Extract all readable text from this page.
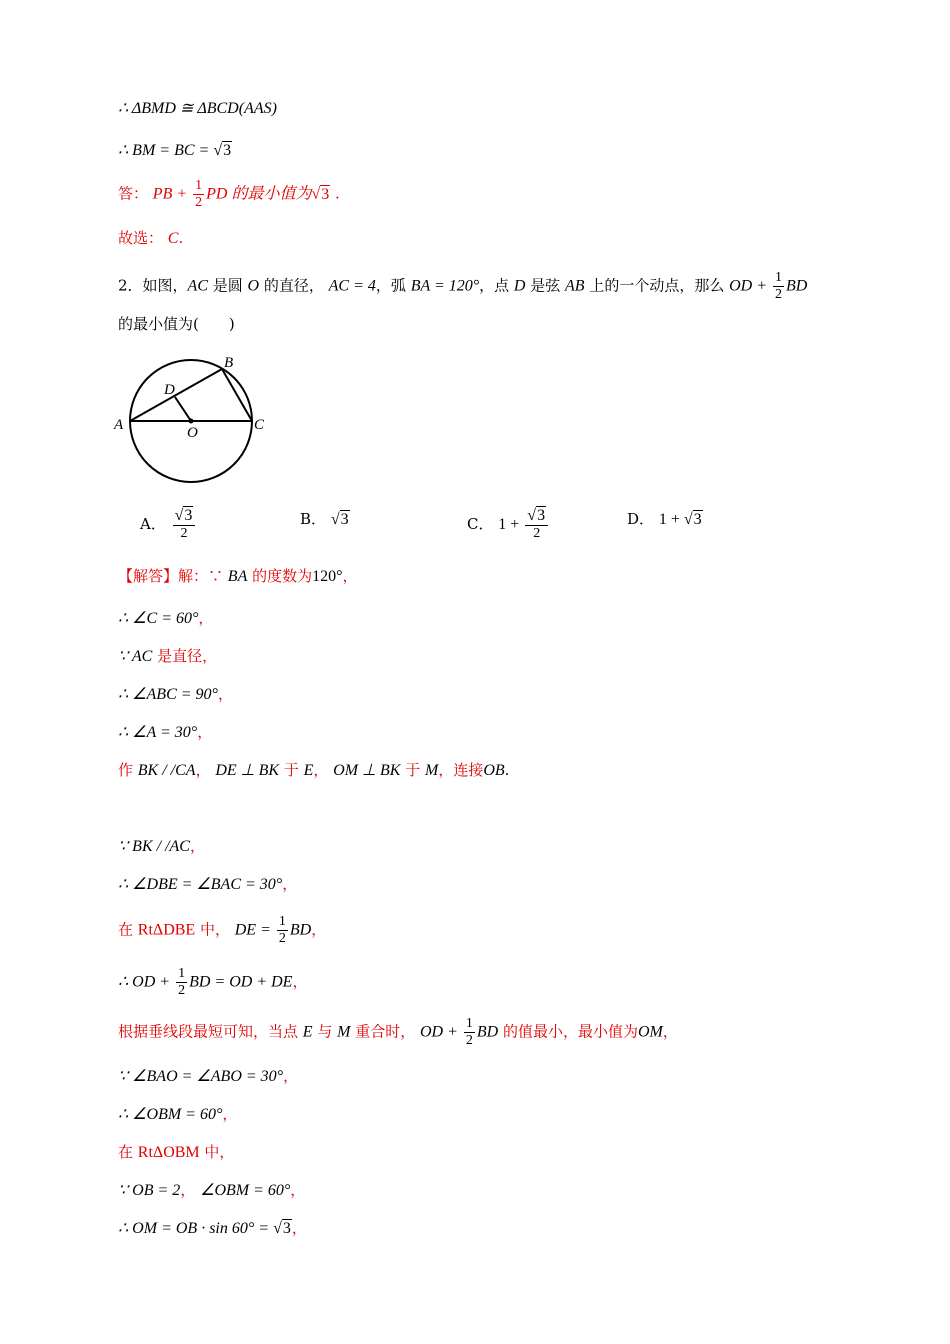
∴ ΔBMD ≅ ΔBCD(AAS)
∴ BM = BC = √3
答： PB + $\frac{1}{2}$ PD 的最小值为√3 .
故选： C.
2．如图，AC 是圆 O 的直径， AC = 4，弧 BA = 120°，点 D 是弦 AB 上的一个动点，那么 OD + $\frac{1}{2}$ BD
的最小值为(　　)
A
B
C
D
O
A． $\frac{√3}{2}$	B． √3	C． $1 + \frac{√3}{2}$	D． 1 + √3
【解答】解：∵ BA 的度数为120°，
∴ ∠C = 60°，
∵ AC 是直径，
∴ ∠ABC = 90°，
∴ ∠A = 30°，
作 BK / /CA， DE ⊥ BK 于 E， OM ⊥ BK 于 M，连接OB.
∵ BK / /AC，
∴ ∠DBE = ∠BAC = 30°，
在 RtΔDBE 中， DE = $\frac{1}{2}$ BD，
∴ OD + $\frac{1}{2}$ BD = OD + DE，
根据垂线段最短可知，当点 E 与 M 重合时， OD + $\frac{1}{2}$ BD 的值最小，最小值为OM，
∵ ∠BAO = ∠ABO = 30°，
∴ ∠OBM = 60°，
在 RtΔOBM 中，
∵ OB = 2， ∠OBM = 60°，
∴ OM = OB · sin 60° = √3，
